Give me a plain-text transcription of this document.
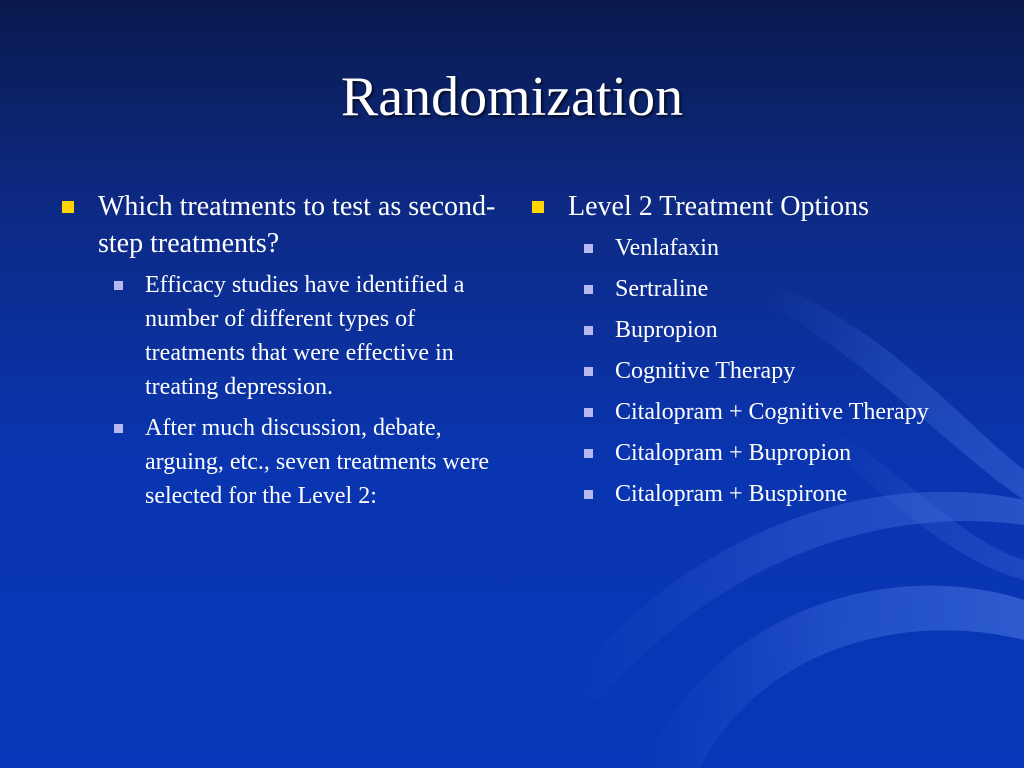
Randomization
Which treatments to test as second-step treatments?
Efficacy studies have identified a number of different types of treatments that were effective in treating depression.
After much discussion, debate, arguing, etc., seven treatments were selected for the Level 2:
Level 2 Treatment Options
Venlafaxin
Sertraline
Bupropion
Cognitive Therapy
Citalopram + Cognitive Therapy
Citalopram + Bupropion
Citalopram + Buspirone
